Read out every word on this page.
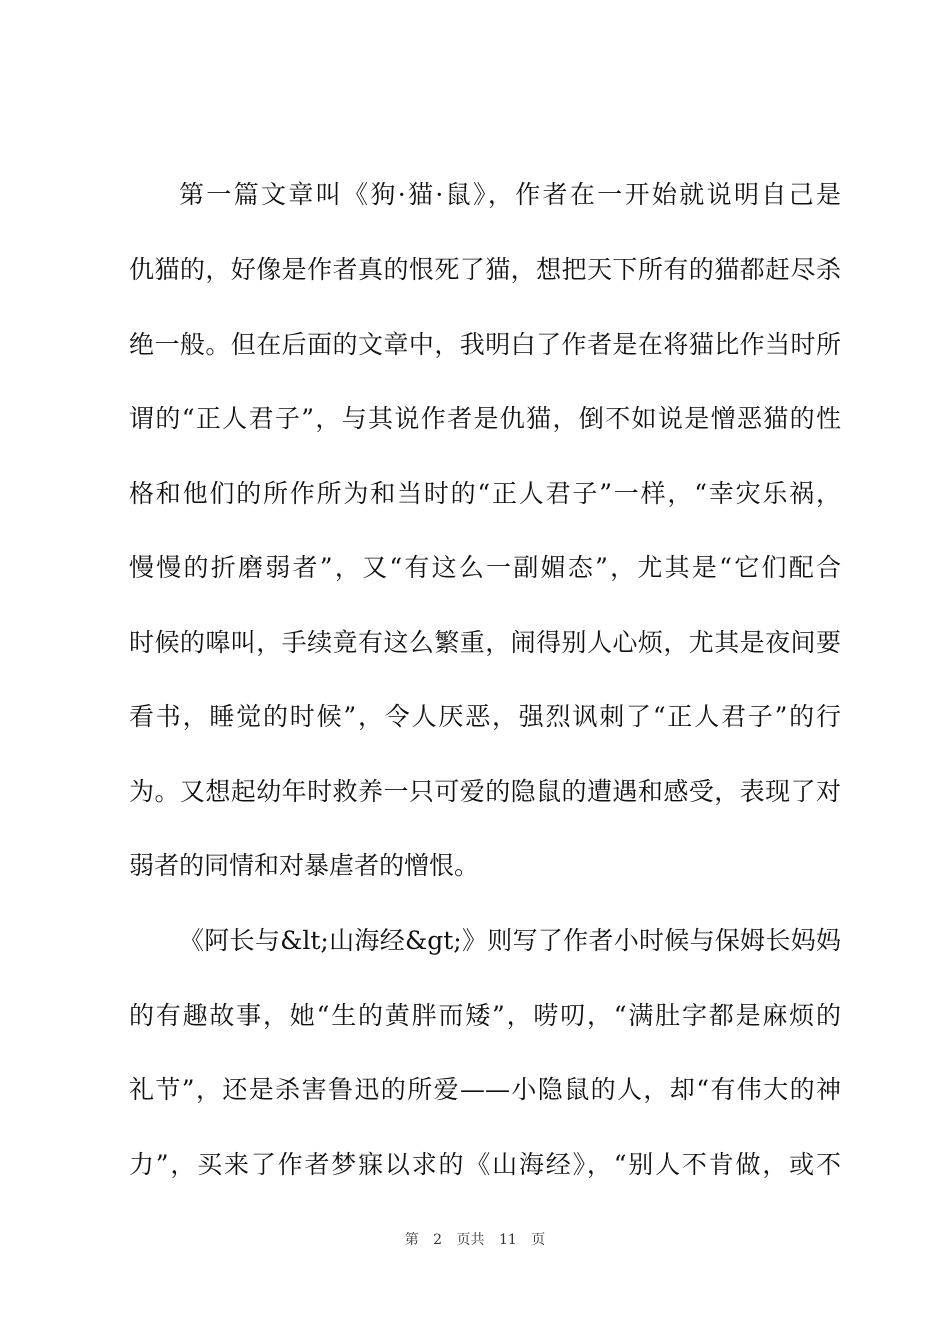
第一篇文章叫《狗·猫·鼠》，作者在一开始就说明自己是
仇猫的，好像是作者真的恨死了猫，想把天下所有的猫都赶尽杀
绝一般。但在后面的文章中，我明白了作者是在将猫比作当时所
谓的“正人君子”，与其说作者是仇猫，倒不如说是憎恶猫的性
格和他们的所作所为和当时的“正人君子”一样，“幸灾乐祸，
慢慢的折磨弱者”，又“有这么一副媚态”，尤其是“它们配合
时候的嗥叫，手续竟有这么繁重，闹得别人心烦，尤其是夜间要
看书，睡觉的时候”，令人厌恶，强烈讽刺了“正人君子”的行
为。又想起幼年时救养一只可爱的隐鼠的遭遇和感受，表现了对
弱者的同情和对暴虐者的憎恨。
《阿长与&lt;山海经&gt;》则写了作者小时候与保姆长妈妈
的有趣故事，她“生的黄胖而矮”，唠叨，“满肚字都是麻烦的
礼节”，还是杀害鲁迅的所爱——小隐鼠的人，却“有伟大的神
力”，买来了作者梦寐以求的《山海经》，“别人不肯做，或不
第 2 页共 11 页
